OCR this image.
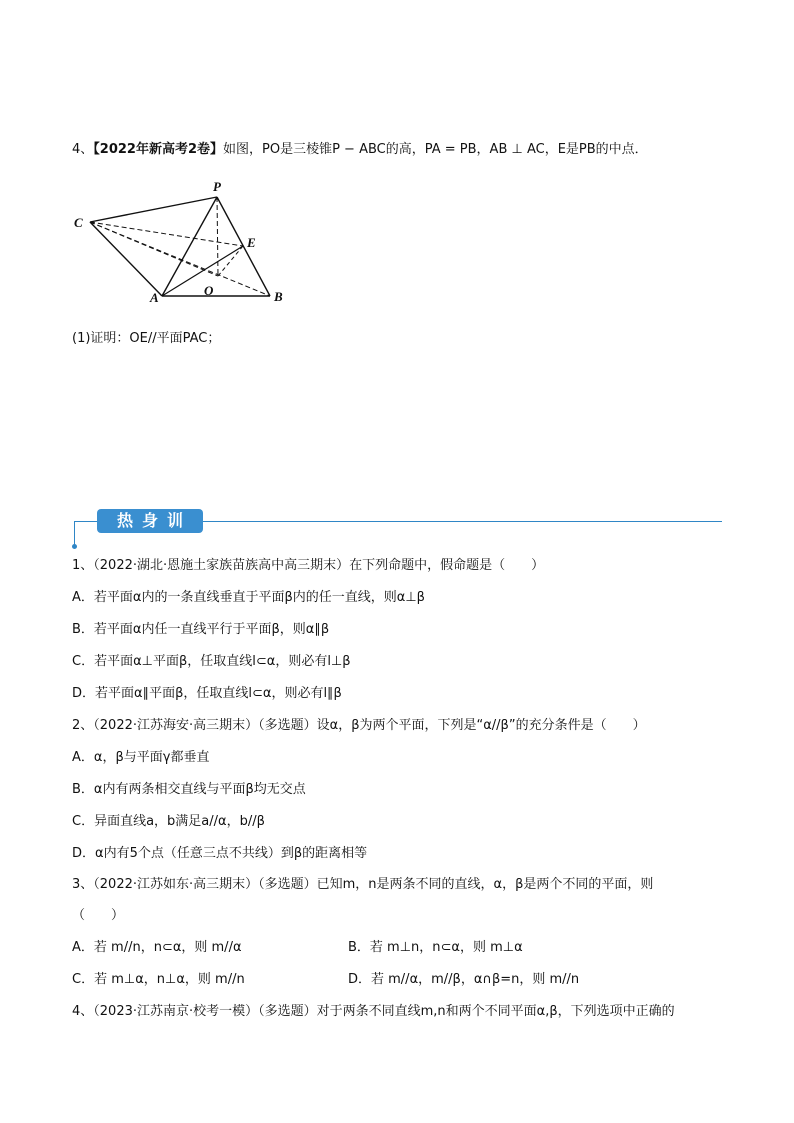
4、【2022年新高考2卷】如图，PO是三棱锥P − ABC的高，PA = PB，AB ⊥ AC，E是PB的中点．
P
C
E
O
A	B
(1)证明：OE//平面PAC；
热身训练
1、（2022·湖北·恩施土家族苗族高中高三期末）在下列命题中，假命题是（　　）
A．若平面α内的一条直线垂直于平面β内的任一直线，则α⊥β
B．若平面α内任一直线平行于平面β，则α∥β
C．若平面α⊥平面β，任取直线l⊂α，则必有l⊥β
D．若平面α∥平面β，任取直线l⊂α，则必有l∥β
2、（2022·江苏海安·高三期末）（多选题）设α，β为两个平面，下列是“α//β”的充分条件是（　　）
A．α，β与平面γ都垂直
B．α内有两条相交直线与平面β均无交点
C．异面直线a，b满足a//α，b//β
D．α内有5个点（任意三点不共线）到β的距离相等
3、（2022·江苏如东·高三期末）（多选题）已知m，n是两条不同的直线，α，β是两个不同的平面，则
（　　）
A．若 m//n，n⊂α，则 m//α	B．若 m⊥n，n⊂α，则 m⊥α
C．若 m⊥α，n⊥α，则 m//n	D．若 m//α，m//β，α∩β=n，则 m//n
4、（2023·江苏南京·校考一模）（多选题）对于两条不同直线m,n和两个不同平面α,β，下列选项中正确的
